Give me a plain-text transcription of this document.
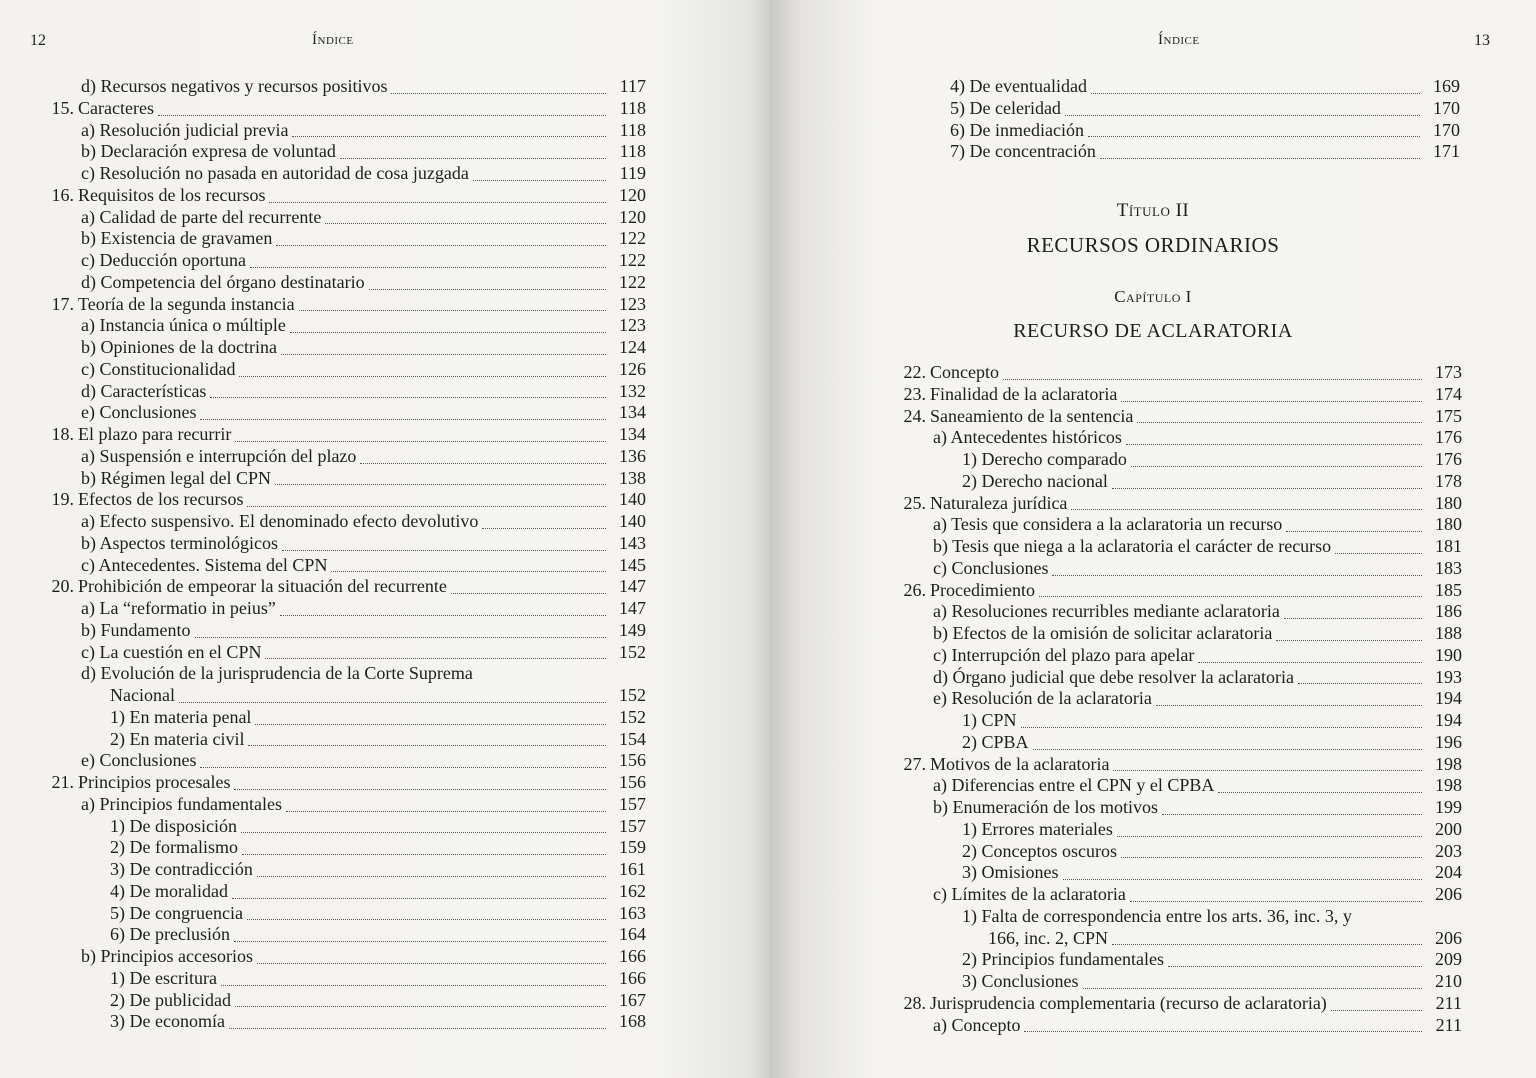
12	Índice
d) Recursos negativos y recursos positivos	117
15. Caracteres	118
a) Resolución judicial previa	118
b) Declaración expresa de voluntad	118
c) Resolución no pasada en autoridad de cosa juzgada	119
16. Requisitos de los recursos	120
a) Calidad de parte del recurrente	120
b) Existencia de gravamen	122
c) Deducción oportuna	122
d) Competencia del órgano destinatario	122
17. Teoría de la segunda instancia	123
a) Instancia única o múltiple	123
b) Opiniones de la doctrina	124
c) Constitucionalidad	126
d) Características	132
e) Conclusiones	134
18. El plazo para recurrir	134
a) Suspensión e interrupción del plazo	136
b) Régimen legal del CPN	138
19. Efectos de los recursos	140
a) Efecto suspensivo. El denominado efecto devolutivo	140
b) Aspectos terminológicos	143
c) Antecedentes. Sistema del CPN	145
20. Prohibición de empeorar la situación del recurrente	147
a) La “reformatio in peius”	147
b) Fundamento	149
c) La cuestión en el CPN	152
d) Evolución de la jurisprudencia de la Corte Suprema
Nacional	152
1) En materia penal	152
2) En materia civil	154
e) Conclusiones	156
21. Principios procesales	156
a) Principios fundamentales	157
1) De disposición	157
2) De formalismo	159
3) De contradicción	161
4) De moralidad	162
5) De congruencia	163
6) De preclusión	164
b) Principios accesorios	166
1) De escritura	166
2) De publicidad	167
3) De economía	168
Índice	13
4) De eventualidad	169
5) De celeridad	170
6) De inmediación	170
7) De concentración	171
Título II
RECURSOS ORDINARIOS
Capítulo I
RECURSO DE ACLARATORIA
22. Concepto	173
23. Finalidad de la aclaratoria	174
24. Saneamiento de la sentencia	175
a) Antecedentes históricos	176
1) Derecho comparado	176
2) Derecho nacional	178
25. Naturaleza jurídica	180
a) Tesis que considera a la aclaratoria un recurso	180
b) Tesis que niega a la aclaratoria el carácter de recurso	181
c) Conclusiones	183
26. Procedimiento	185
a) Resoluciones recurribles mediante aclaratoria	186
b) Efectos de la omisión de solicitar aclaratoria	188
c) Interrupción del plazo para apelar	190
d) Órgano judicial que debe resolver la aclaratoria	193
e) Resolución de la aclaratoria	194
1) CPN	194
2) CPBA	196
27. Motivos de la aclaratoria	198
a) Diferencias entre el CPN y el CPBA	198
b) Enumeración de los motivos	199
1) Errores materiales	200
2) Conceptos oscuros	203
3) Omisiones	204
c) Límites de la aclaratoria	206
1) Falta de correspondencia entre los arts. 36, inc. 3, y
166, inc. 2, CPN	206
2) Principios fundamentales	209
3) Conclusiones	210
28. Jurisprudencia complementaria (recurso de aclaratoria)	211
a) Concepto	211
